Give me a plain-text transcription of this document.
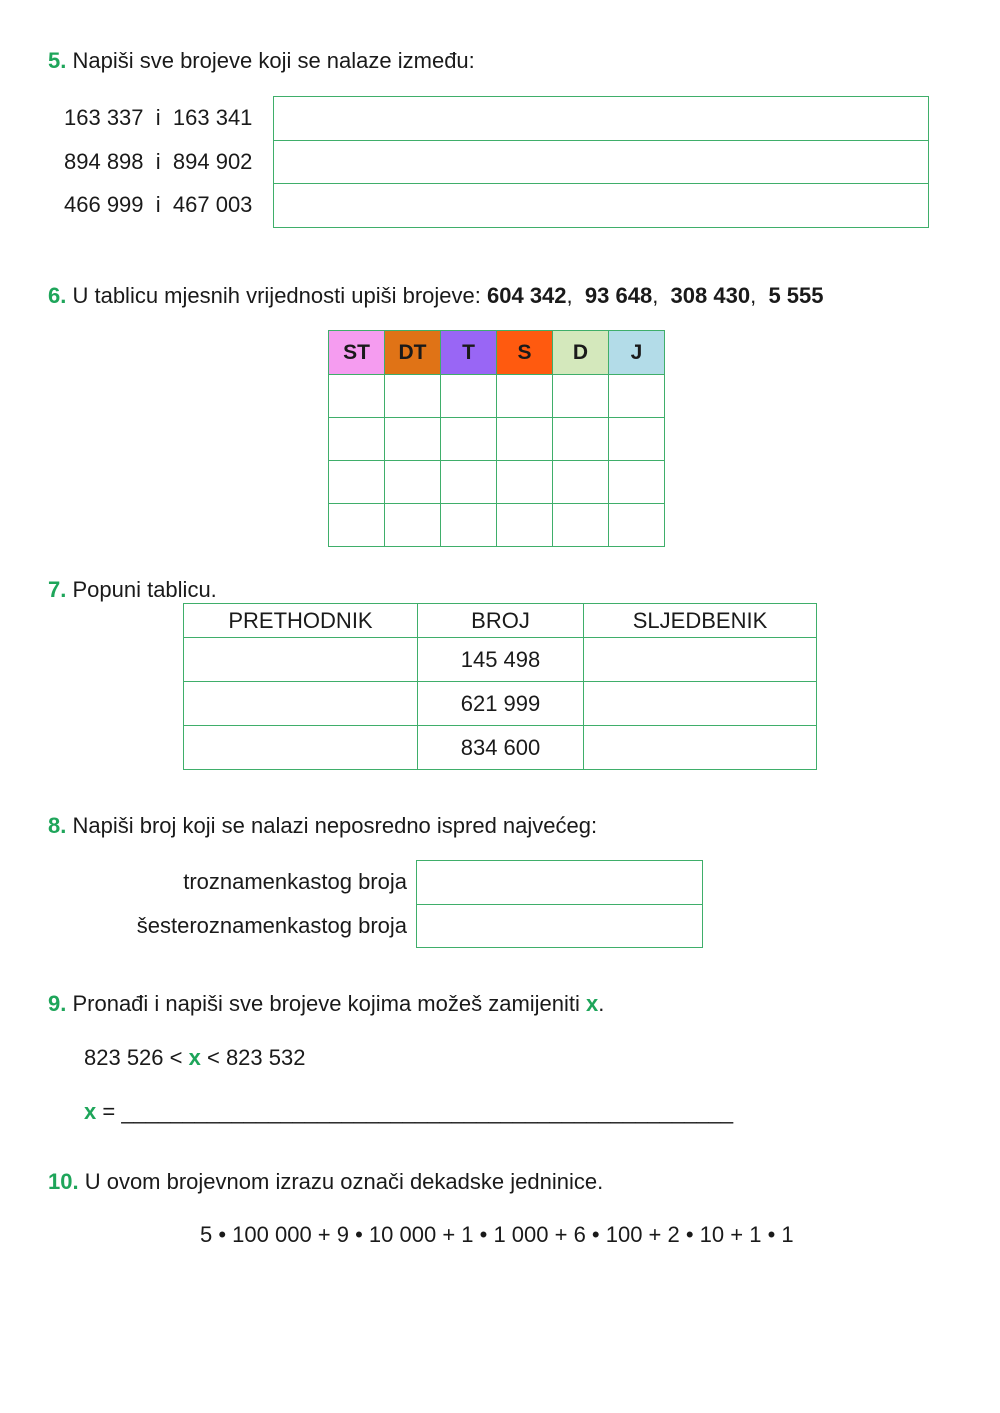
5. Napiši sve brojeve koji se nalaze između:
163 337 i 163 341
894 898 i 894 902
466 999 i 467 003
6. U tablicu mjesnih vrijednosti upiši brojeve: 604 342, 93 648, 308 430, 5 555
ST	DT	T	S	D	J

7. Popuni tablicu.
PRETHODNIK	BROJ	SLJEDBENIK
	145 498	
	621 999	
	834 600	
8. Napiši broj koji se nalazi neposredno ispred najvećeg:
troznamenkastog broja
šesteroznamenkastog broja
9. Pronađi i napiši sve brojeve kojima možeš zamijeniti x.
823 526 < x < 823 532
x = __________________________________________________
10. U ovom brojevnom izrazu označi dekadske jedninice.
5 • 100 000 + 9 • 10 000 + 1 • 1 000 + 6 • 100 + 2 • 10 + 1 • 1
